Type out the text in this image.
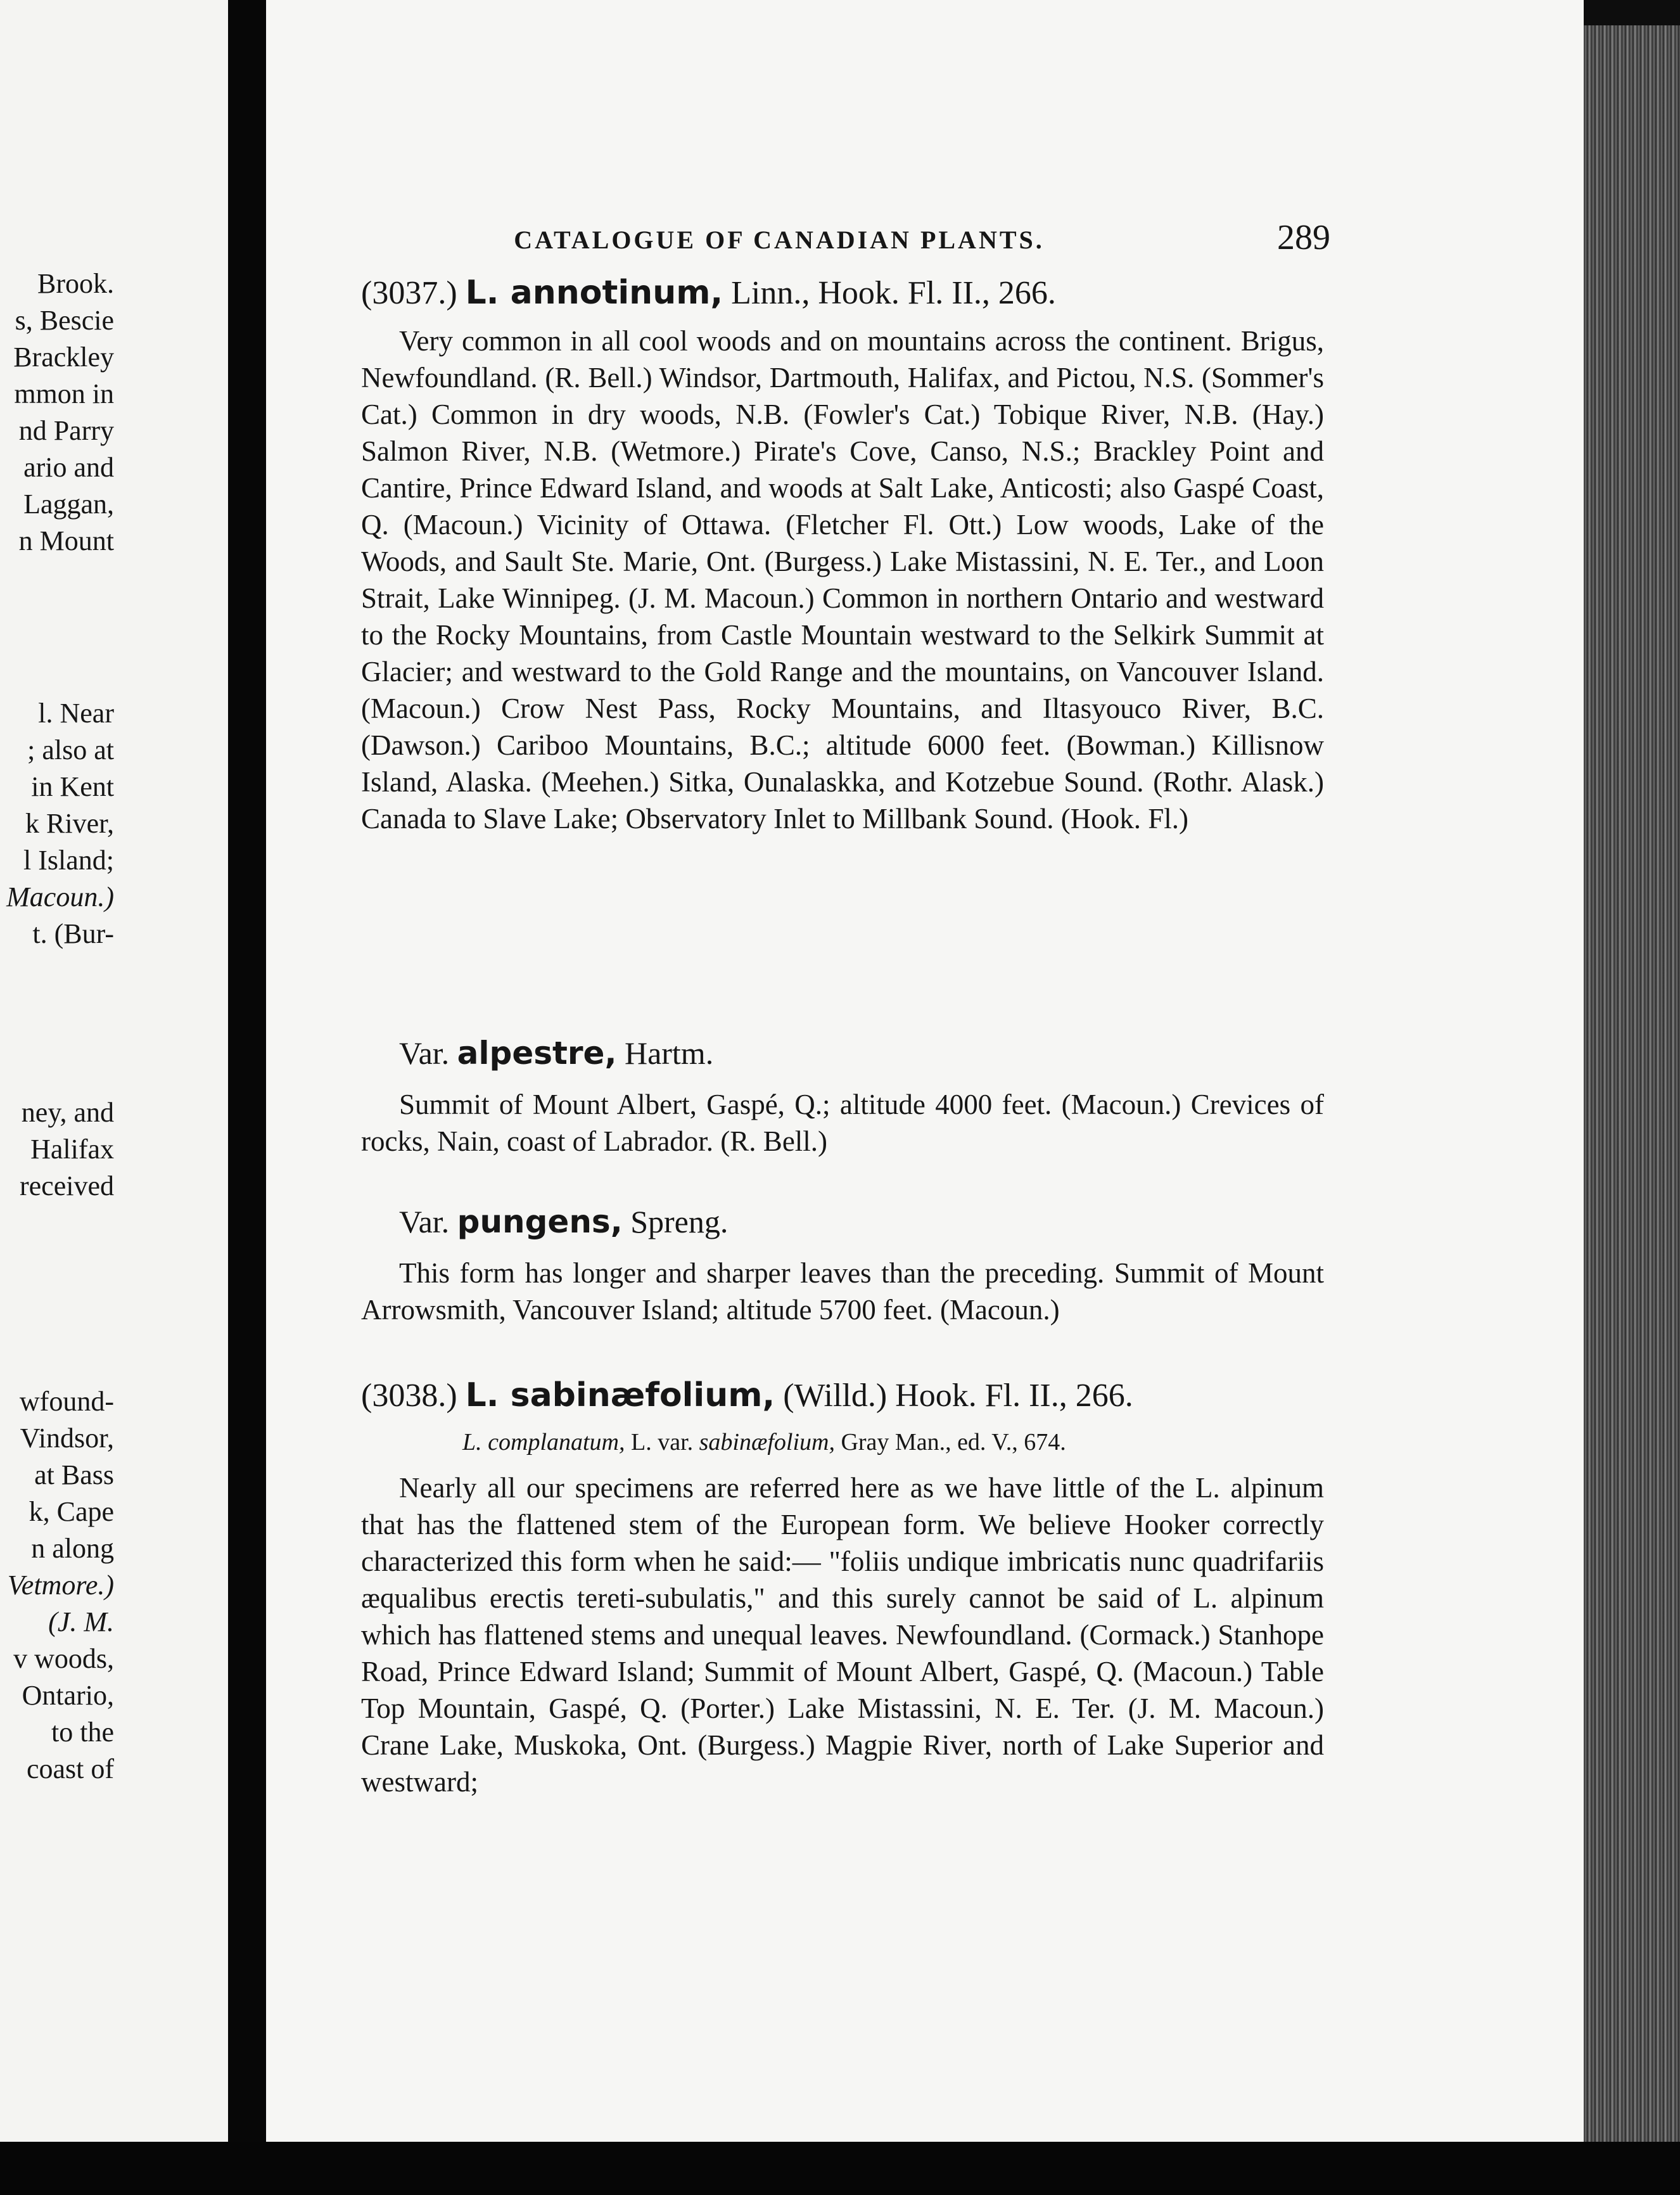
Brook.
s, Bescie
Brackley
mmon in
nd Parry
ario and
Laggan,
n Mount
l. Near
; also at
in Kent
k River,
l Island;
Macoun.)
t. (Bur-
ney, and
Halifax
received
wfound-
Vindsor,
at Bass
k, Cape
n along
Vetmore.)
(J. M.
v woods,
Ontario,
to the
coast of
CATALOGUE OF CANADIAN PLANTS.	289
(3037.) L. annotinum, Linn., Hook. Fl. II., 266.

Very common in all cool woods and on mountains across the continent. Brigus, Newfoundland. (R. Bell.) Windsor, Dartmouth, Halifax, and Pictou, N.S. (Sommer's Cat.) Common in dry woods, N.B. (Fowler's Cat.) Tobique River, N.B. (Hay.) Salmon River, N.B. (Wetmore.) Pirate's Cove, Canso, N.S.; Brackley Point and Cantire, Prince Edward Island, and woods at Salt Lake, Anticosti; also Gaspé Coast, Q. (Macoun.) Vicinity of Ottawa. (Fletcher Fl. Ott.) Low woods, Lake of the Woods, and Sault Ste. Marie, Ont. (Burgess.) Lake Mistassini, N. E. Ter., and Loon Strait, Lake Winnipeg. (J. M. Macoun.) Common in northern Ontario and westward to the Rocky Mountains, from Castle Mountain westward to the Selkirk Summit at Glacier; and westward to the Gold Range and the mountains, on Vancouver Island. (Macoun.) Crow Nest Pass, Rocky Mountains, and Iltasyouco River, B.C. (Dawson.) Cariboo Mountains, B.C.; altitude 6000 feet. (Bowman.) Killisnow Island, Alaska. (Meehen.) Sitka, Ounalaskka, and Kotzebue Sound. (Rothr. Alask.) Canada to Slave Lake; Observatory Inlet to Millbank Sound. (Hook. Fl.)

Var. alpestre, Hartm.

Summit of Mount Albert, Gaspé, Q.; altitude 4000 feet. (Macoun.) Crevices of rocks, Nain, coast of Labrador. (R. Bell.)

Var. pungens, Spreng.

This form has longer and sharper leaves than the preceding. Summit of Mount Arrowsmith, Vancouver Island; altitude 5700 feet. (Macoun.)

(3038.) L. sabinæfolium, (Willd.) Hook. Fl. II., 266.
L. complanatum, L. var. sabinæfolium, Gray Man., ed. V., 674.

Nearly all our specimens are referred here as we have little of the L. alpinum that has the flattened stem of the European form. We believe Hooker correctly characterized this form when he said:— "foliis undique imbricatis nunc quadrifariis æqualibus erectis tereti-subulatis," and this surely cannot be said of L. alpinum which has flattened stems and unequal leaves. Newfoundland. (Cormack.) Stanhope Road, Prince Edward Island; Summit of Mount Albert, Gaspé, Q. (Macoun.) Table Top Mountain, Gaspé, Q. (Porter.) Lake Mistassini, N. E. Ter. (J. M. Macoun.) Crane Lake, Muskoka, Ont. (Burgess.) Magpie River, north of Lake Superior and westward;
